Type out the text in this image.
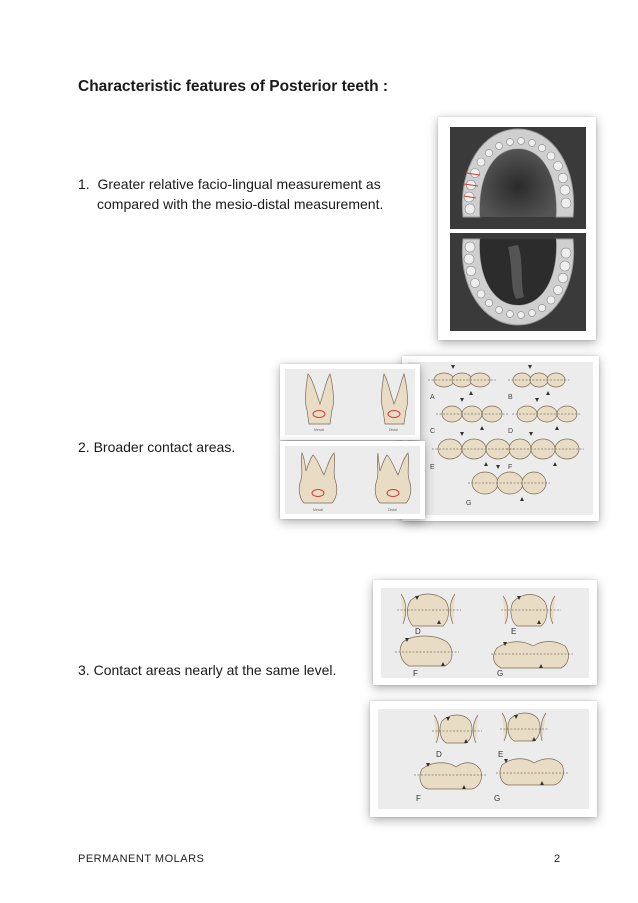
Characteristic features of Posterior teeth :
1. Greater relative facio-lingual measurement as
compared with the mesio-distal measurement.
2. Broader contact areas.
A	B
C	D
E	F
G
Mesial	Distal
Mesial	Distal
3. Contact areas nearly at the same level.
D	E
F	G
D	E
F	G
PERMANENT MOLARS	2
